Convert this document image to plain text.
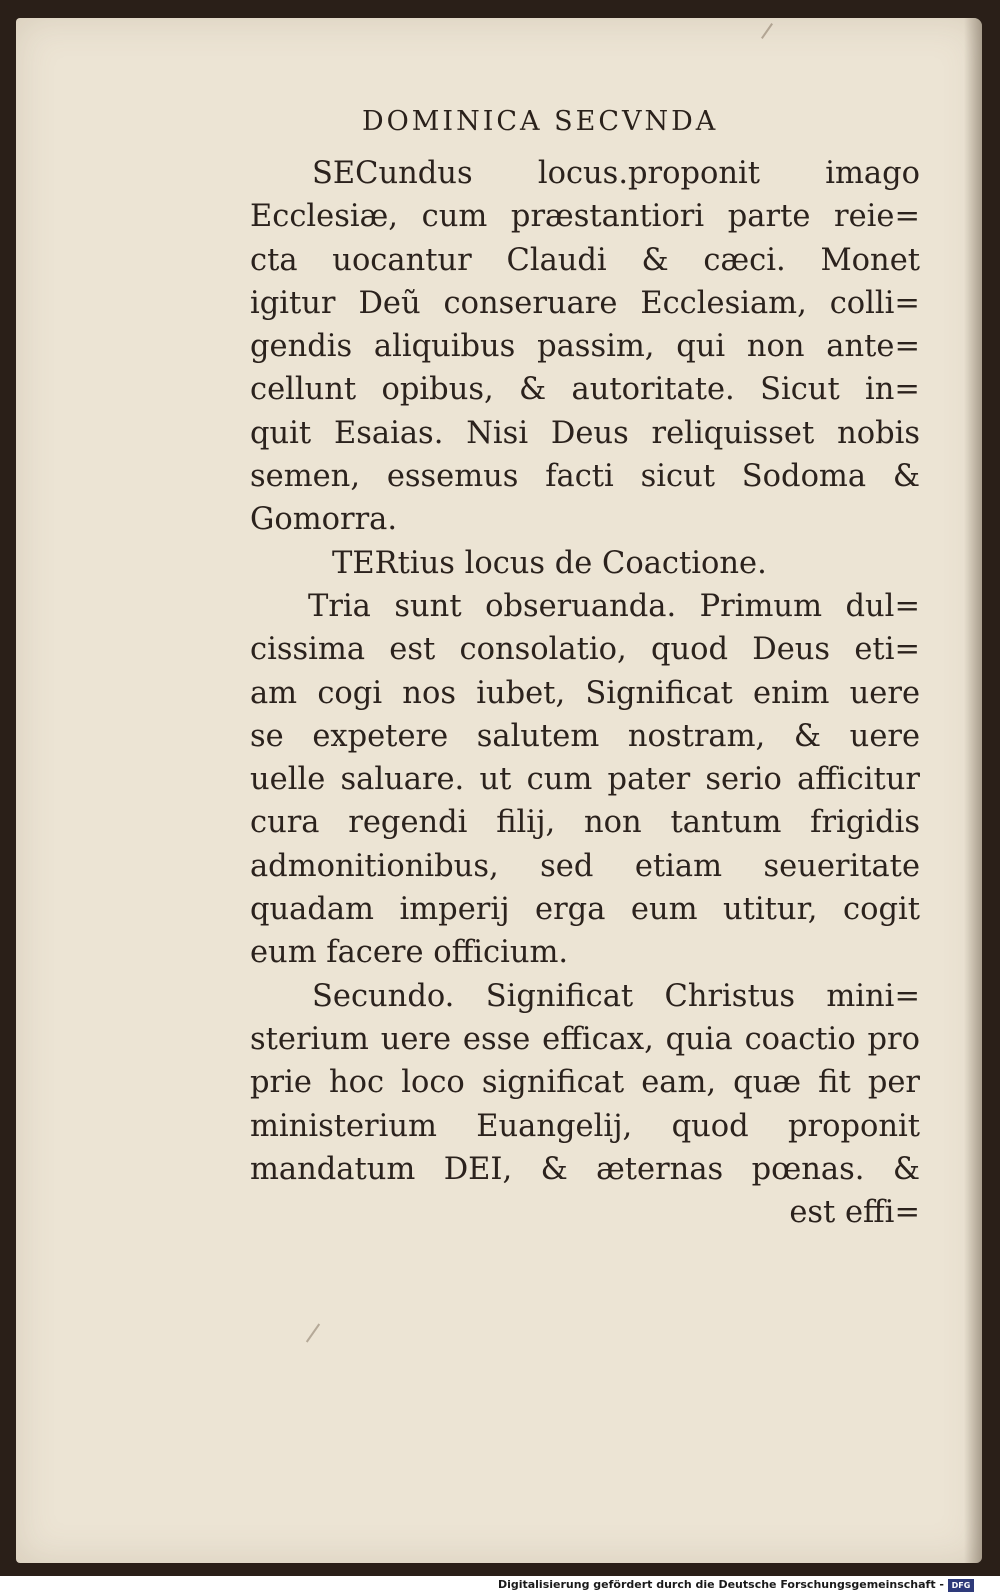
DOMINICA SECVNDA
SECundus locus.proponit imago
Ecclesiæ, cum præstantiori parte reie=
cta uocantur Claudi & cæci. Monet
igitur Deũ conseruare Ecclesiam, colli=
gendis aliquibus passim, qui non ante=
cellunt opibus, & autoritate. Sicut in=
quit Esaias. Nisi Deus reliquisset nobis
semen, essemus facti sicut Sodoma &
Gomorra.
TERtius locus de Coactione.
Tria sunt obseruanda. Primum dul=
cissima est consolatio, quod Deus eti=
am cogi nos iubet, Significat enim uere
se expetere salutem nostram, & uere
uelle saluare. ut cum pater serio afficitur
cura regendi filij, non tantum frigidis
admonitionibus, sed etiam seueritate
quadam imperij erga eum utitur, cogit
eum facere officium.
Secundo. Significat Christus mini=
sterium uere esse efficax, quia coactio pro
prie hoc loco significat eam, quæ fit per
ministerium Euangelij, quod proponit
mandatum DEI, & æternas pœnas. &
est effi=
Digitalisierung gefördert durch die Deutsche Forschungsgemeinschaft - DFG
